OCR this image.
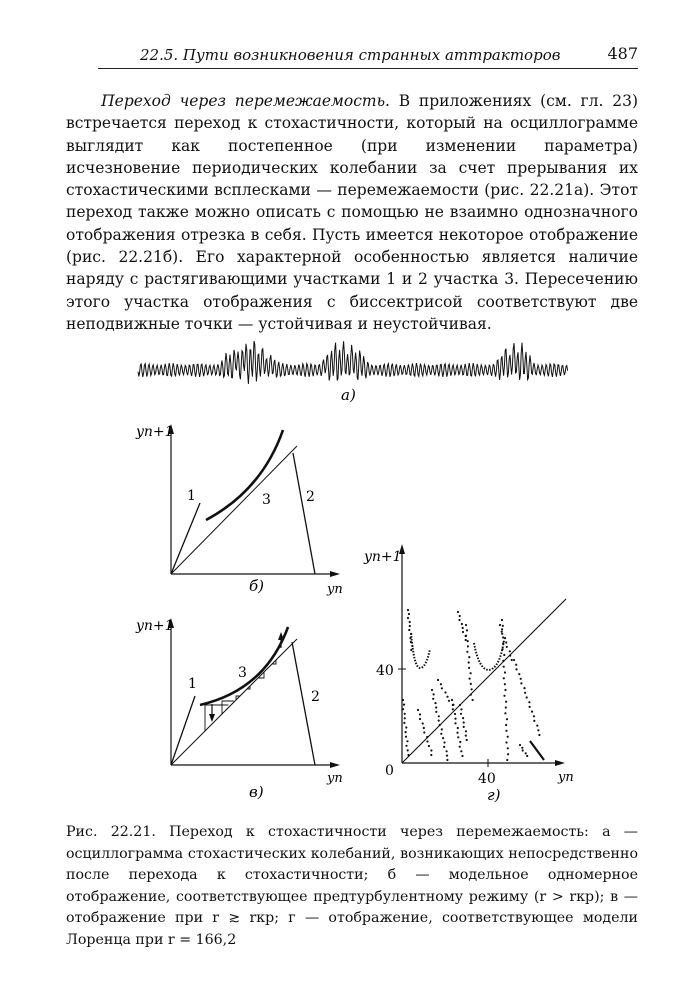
22.5. Пути возникновения странных аттракторов	487
Переход через перемежаемость. В приложениях (см. гл. 23) встречается переход к стохастичности, который на осциллограмме выглядит как постепенное (при изменении параметра) исчезновение периодических колебании за счет прерывания их стохастическими всплесками — перемежаемости (рис. 22.21а). Этот переход также можно описать с помощью не взаимно однозначного отображения отрезка в себя. Пусть имеется некоторое отображение (рис. 22.21б). Его характерной особенностью является наличие наряду с растягивающими участками 1 и 2 участка 3. Пересечению этого участка отображения с биссектрисой соответствуют две неподвижные точки — устойчивая и неустойчивая.
а)
1	3	2
yn+1
yn
б)
1
3
2
yn+1
yn
в)
yn+1
40
40
0	yn
г)
Рис. 22.21. Переход к стохастичности через перемежаемость: а — осциллограмма стохастических колебаний, возникающих непосредственно после перехода к стохастичности; б — модельное одномерное отображение, соответствующее предтурбулентному режиму (r > rкр); в — отображение при r ≳ rкр; г — отображение, соответствующее модели Лоренца при r = 166,2
